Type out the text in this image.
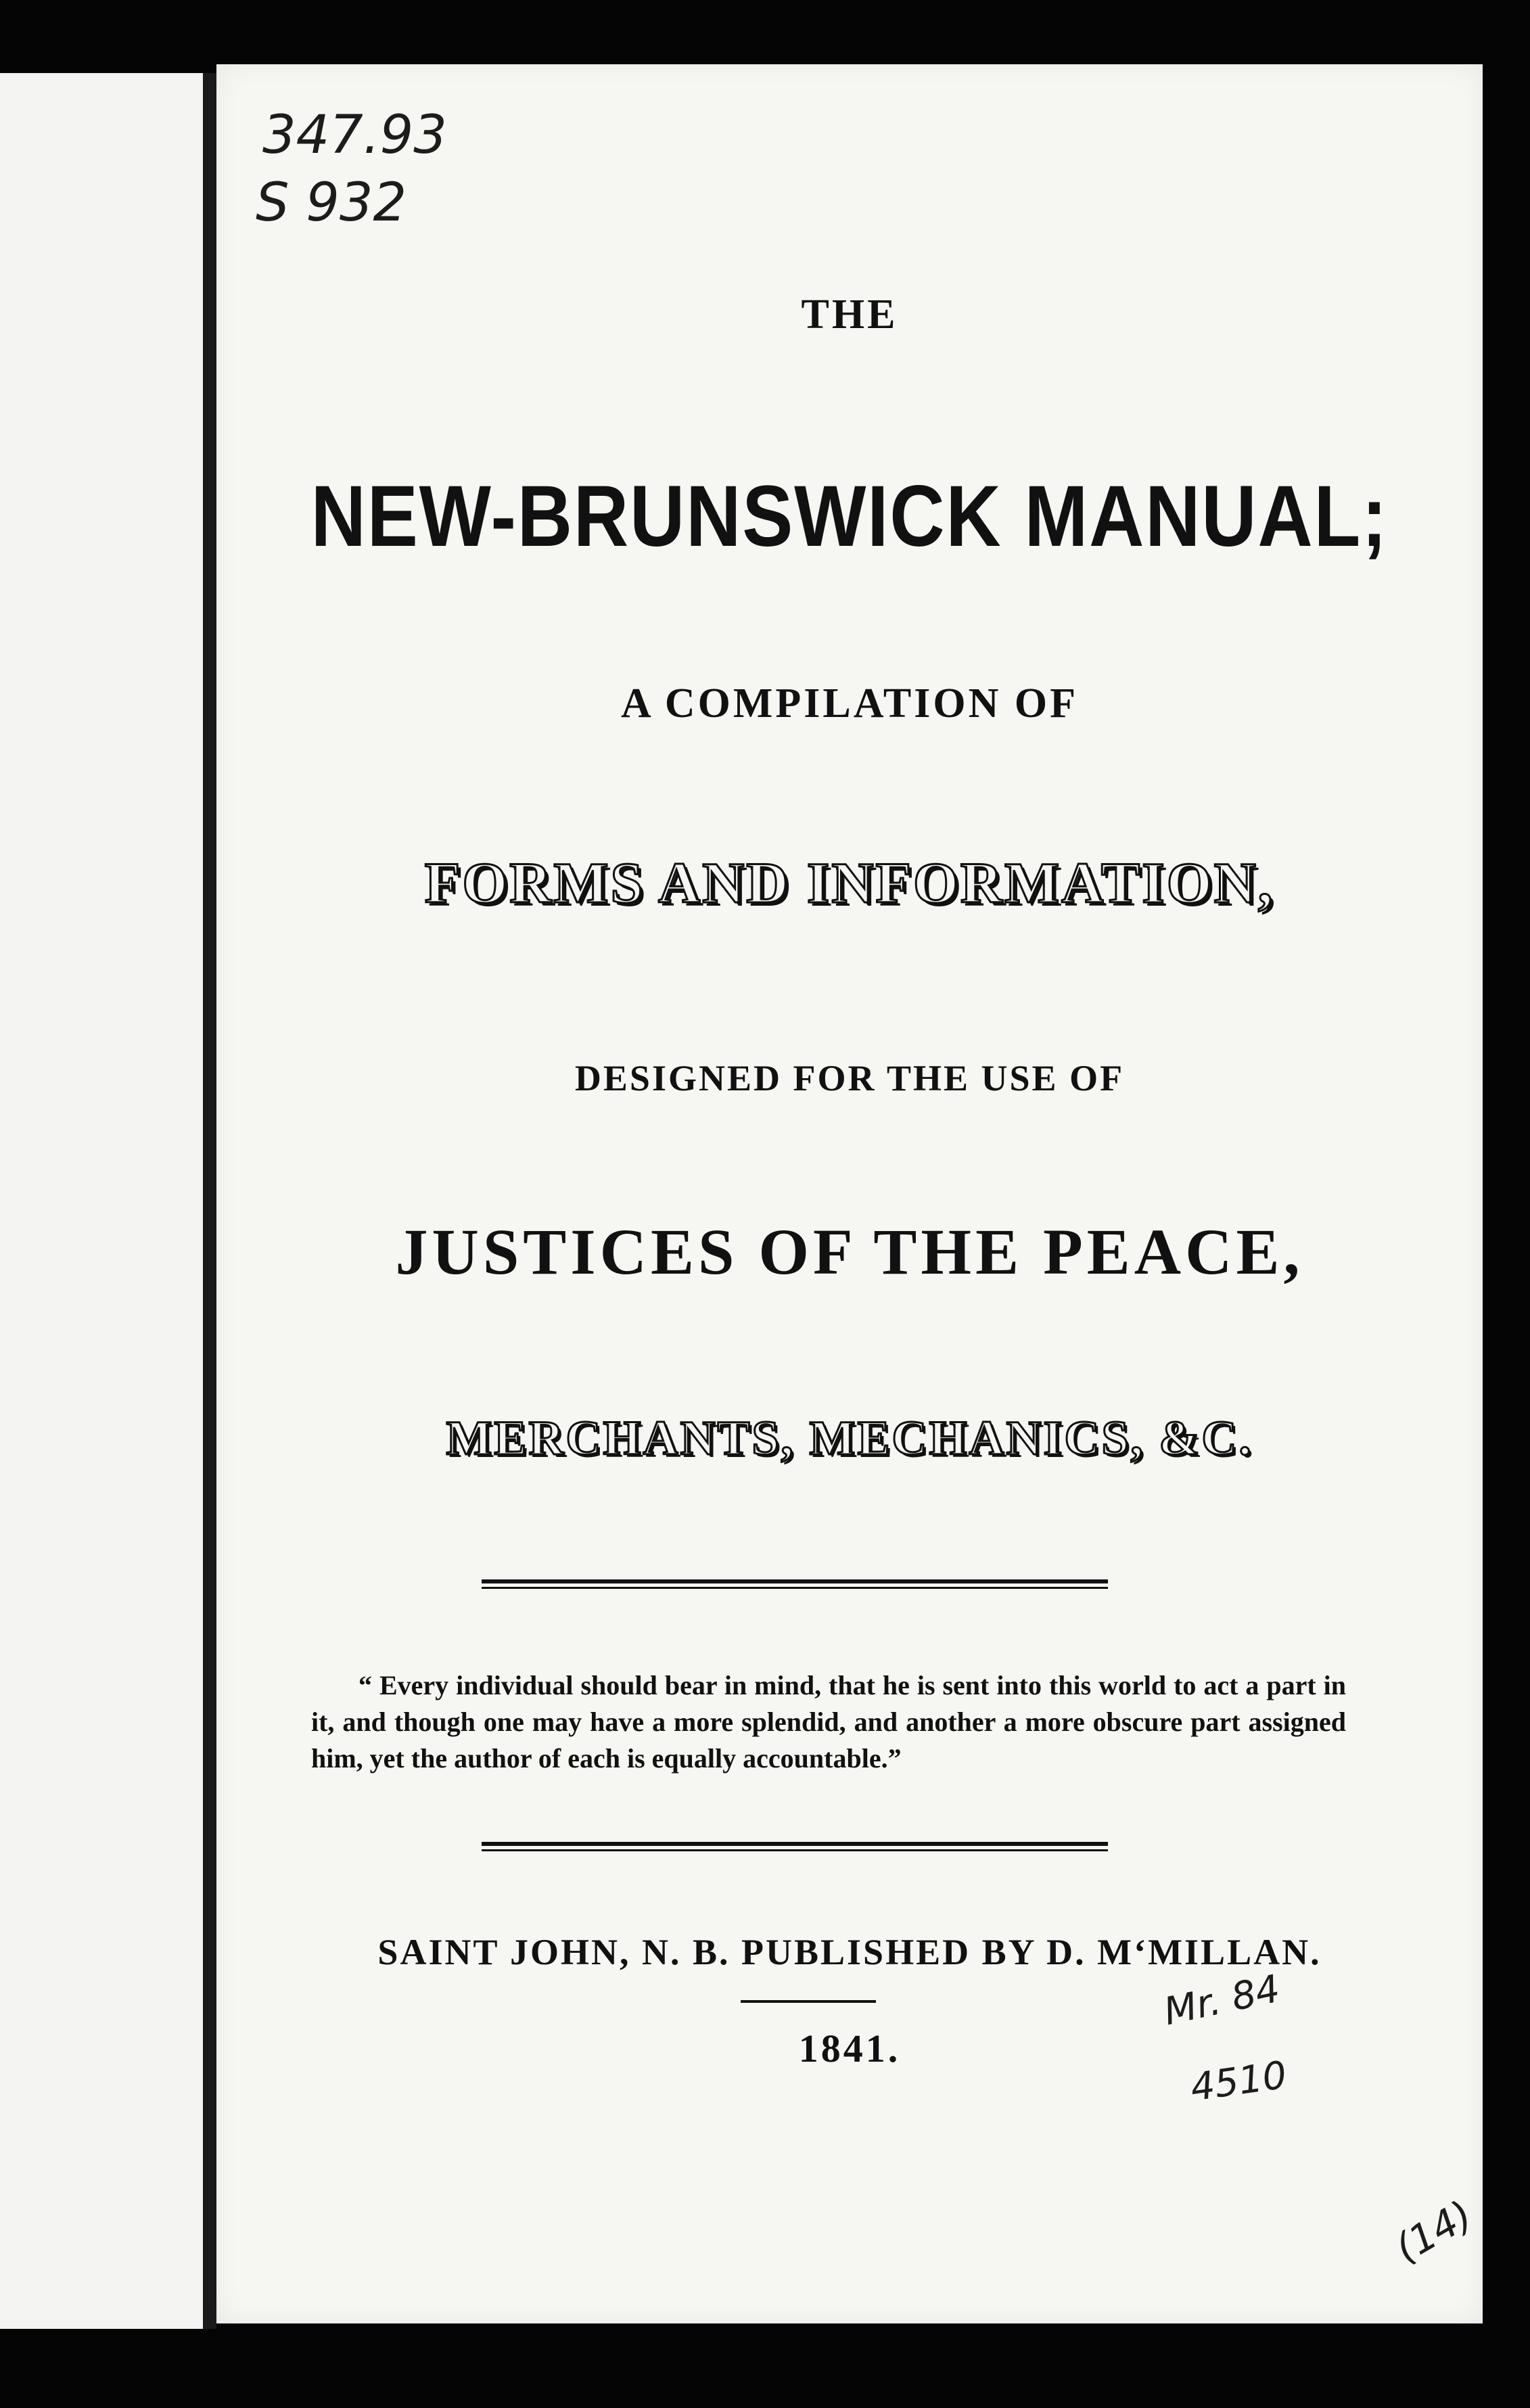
347.93
S 932
THE
NEW-BRUNSWICK MANUAL;
A COMPILATION OF
FORMS AND INFORMATION,
DESIGNED FOR THE USE OF
JUSTICES OF THE PEACE,
MERCHANTS, MECHANICS, &C.
“ Every individual should bear in mind, that he is sent into this world to act a part in it, and though one may have a more splendid, and another a more obscure part assigned him, yet the author of each is equally accountable.”
SAINT JOHN, N. B. PUBLISHED BY D. M‘MILLAN.
1841.
Mr. 84
4510
(14)
